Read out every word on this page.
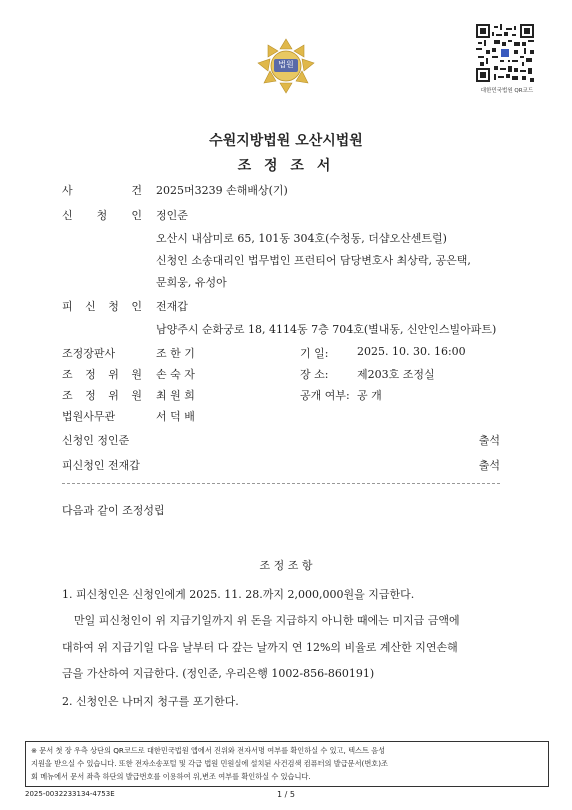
법원
대한민국법원 QR코드
수원지방법원 오산시법원
조 정 조 서
사 건 2025머3239 손해배상(기)
신 청 인 정인준
오산시 내삼미로 65, 101동 304호(수청동, 더샵오산센트럴)
신청인 소송대리인 법무법인 프런티어 담당변호사 최상락, 공은택,
문희웅, 유성아
피 신 청 인 전재갑
남양주시 순화궁로 18, 4114동 7층 704호(별내동, 신안인스빌아파트)
조정장판사	조 한 기	기 일:	2025. 10. 30. 16:00
조 정 위 원 손 숙 자	장 소:	제203호 조정실
조 정 위 원 최 원 희	공개 여부: 공 개
법원사무관	서 덕 배
신청인 정인준	출석
피신청인 전재갑	출석
다음과 같이 조정성립
조 정 조 항
1. 피신청인은 신청인에게 2025. 11. 28.까지 2,000,000원을 지급한다.
만일 피신청인이 위 지급기일까지 위 돈을 지급하지 아니한 때에는 미지급 금액에
대하여 위 지급기일 다음 날부터 다 갚는 날까지 연 12%의 비율로 계산한 지연손해
금을 가산하여 지급한다. (정인준, 우리은행 1002-856-860191)
2. 신청인은 나머지 청구를 포기한다.
※ 문서 첫 장 우측 상단의 QR코드로 대한민국법원 앱에서 진위와 전자서명 여부를 확인하실 수 있고, 텍스트 음성
지원을 받으실 수 있습니다. 또한 전자소송포털 및 각급 법원 민원실에 설치된 사건검색 컴퓨터의 발급문서(번호)조
회 메뉴에서 문서 좌측 하단의 발급번호를 이용하여 위,변조 여부를 확인하실 수 있습니다.
2025-0032233134-4753E	1 / 5
